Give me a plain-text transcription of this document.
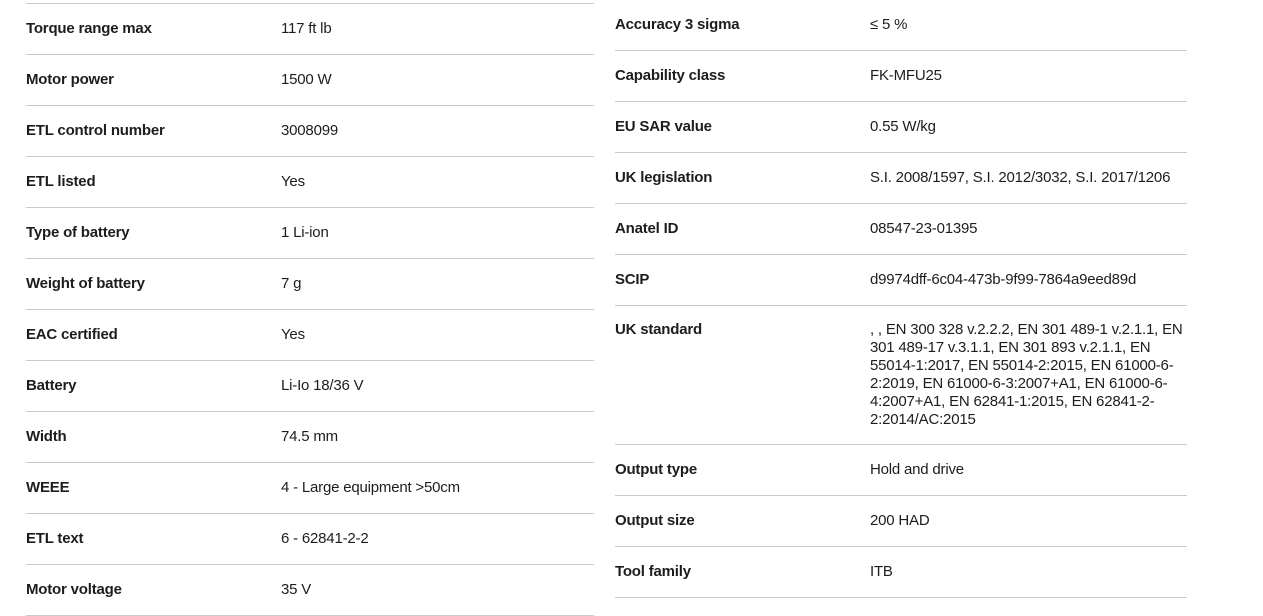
Torque range max	117 ft lb
Motor power	1500 W
ETL control number	3008099
ETL listed	Yes
Type of battery	1 Li-ion
Weight of battery	7 g
EAC certified	Yes
Battery	Li-Io 18/36 V
Width	74.5 mm
WEEE	4 - Large equipment >50cm
ETL text	6 - 62841-2-2
Motor voltage	35 V
Accuracy 3 sigma	≤ 5 %
Capability class	FK-MFU25
EU SAR value	0.55 W/kg
UK legislation	S.I. 2008/1597, S.I. 2012/3032, S.I. 2017/1206
Anatel ID	08547-23-01395
SCIP	d9974dff-6c04-473b-9f99-7864a9eed89d
UK standard	, , EN 300 328 v.2.2.2, EN 301 489-1 v.2.1.1, EN 301 489-17 v.3.1.1, EN 301 893 v.2.1.1, EN 55014-1:2017, EN 55014-2:2015, EN 61000-6-2:2019, EN 61000-6-3:2007+A1, EN 61000-6-4:2007+A1, EN 62841-1:2015, EN 62841-2-2:2014/AC:2015
Output type	Hold and drive
Output size	200 HAD
Tool family	ITB
